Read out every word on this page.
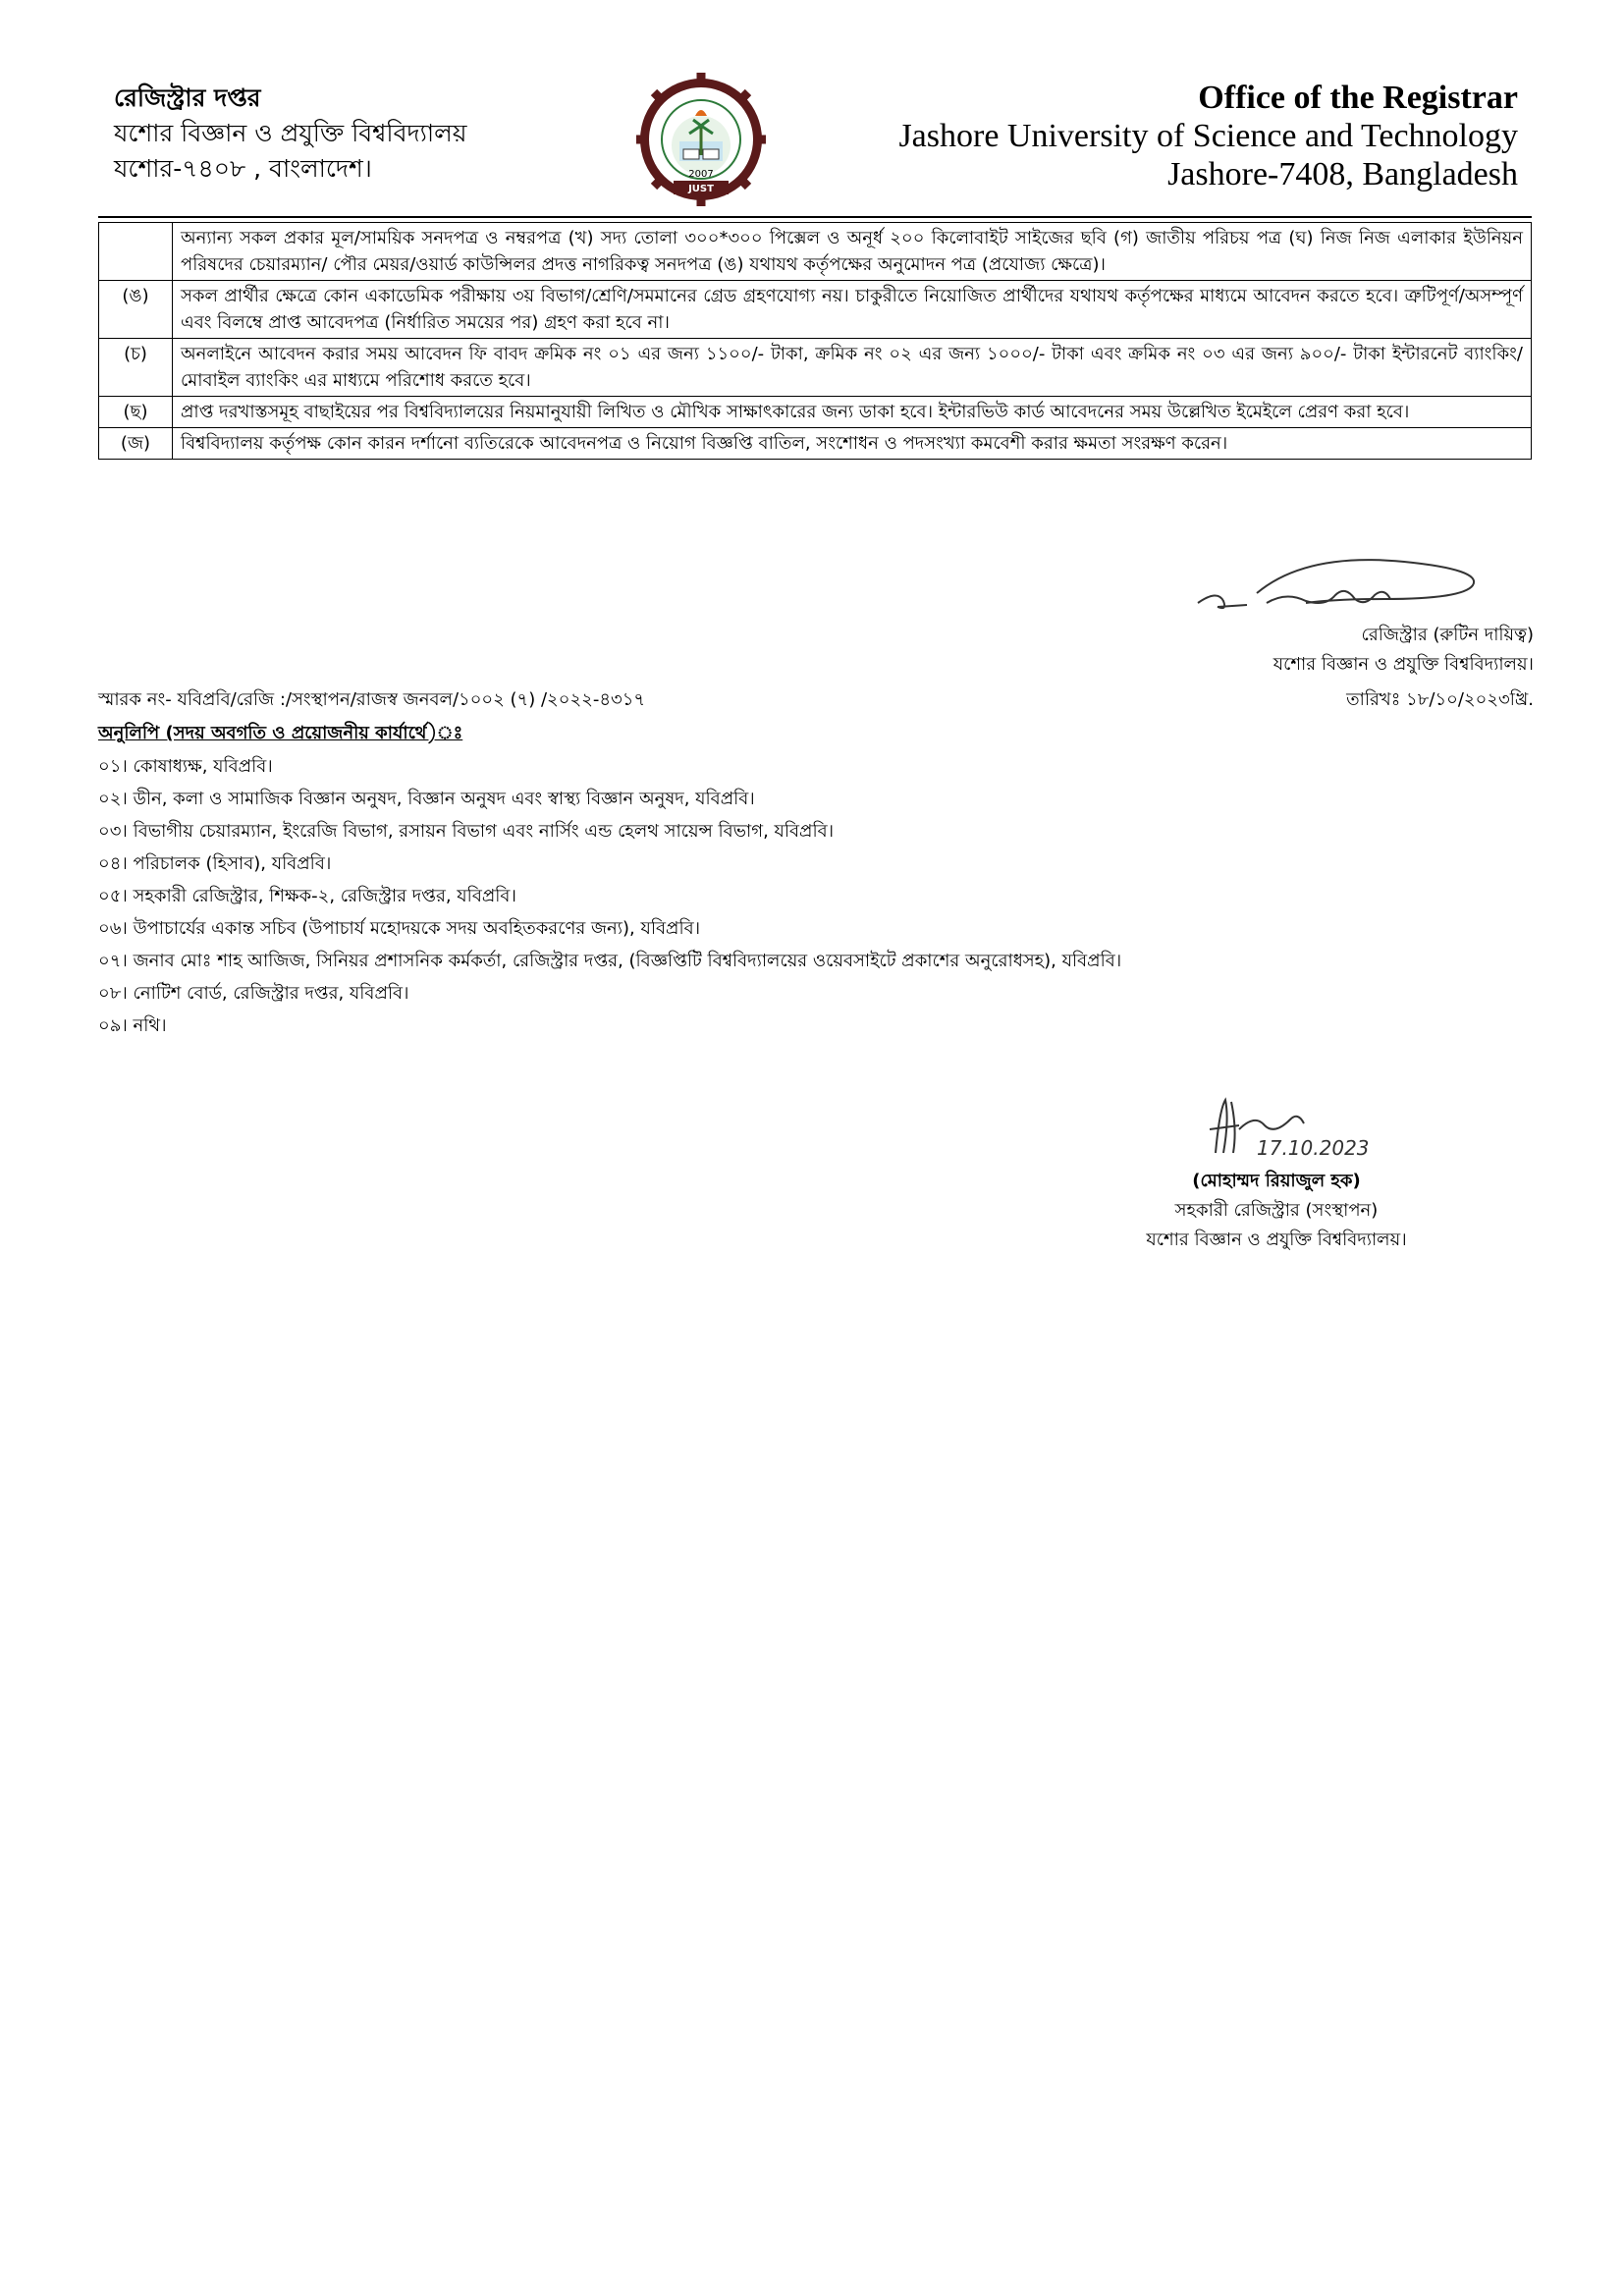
রেজিস্ট্রার দপ্তর
যশোর বিজ্ঞান ও প্রযুক্তি বিশ্ববিদ্যালয়
যশোর-৭৪০৮ , বাংলাদেশ।	2007
JUST
Office of the Registrar
Jashore University of Science and Technology
Jashore-7408, Bangladesh
	অন্যান্য সকল প্রকার মূল/সাময়িক সনদপত্র ও নম্বরপত্র (খ) সদ্য তোলা ৩০০*৩০০ পিক্সেল ও অনূর্ধ ২০০ কিলোবাইট সাইজের ছবি (গ) জাতীয় পরিচয় পত্র (ঘ) নিজ নিজ এলাকার ইউনিয়ন পরিষদের চেয়ারম্যান/ পৌর মেয়র/ওয়ার্ড কাউন্সিলর প্রদত্ত নাগরিকত্ব সনদপত্র (ঙ) যথাযথ কর্তৃপক্ষের অনুমোদন পত্র (প্রযোজ্য ক্ষেত্রে)।
(ঙ)	সকল প্রার্থীর ক্ষেত্রে কোন একাডেমিক পরীক্ষায় ৩য় বিভাগ/শ্রেণি/সমমানের গ্রেড গ্রহণযোগ্য নয়। চাকুরীতে নিয়োজিত প্রার্থীদের যথাযথ কর্তৃপক্ষের মাধ্যমে আবেদন করতে হবে। ত্রুটিপূর্ণ/অসম্পূর্ণ এবং বিলম্বে প্রাপ্ত আবেদপত্র (নির্ধারিত সময়ের পর) গ্রহণ করা হবে না।
(চ)	অনলাইনে আবেদন করার সময় আবেদন ফি বাবদ ক্রমিক নং ০১ এর জন্য ১১০০/- টাকা, ক্রমিক নং ০২ এর জন্য ১০০০/- টাকা এবং ক্রমিক নং ০৩ এর জন্য ৯০০/- টাকা ইন্টারনেট ব্যাংকিং/মোবাইল ব্যাংকিং এর মাধ্যমে পরিশোধ করতে হবে।
(ছ)	প্রাপ্ত দরখাস্তসমূহ বাছাইয়ের পর বিশ্ববিদ্যালয়ের নিয়মানুযায়ী লিখিত ও মৌখিক সাক্ষাৎকারের জন্য ডাকা হবে। ইন্টারভিউ কার্ড আবেদনের সময় উল্লেখিত ইমেইলে প্রেরণ করা হবে।
(জ)	বিশ্ববিদ্যালয় কর্তৃপক্ষ কোন কারন দর্শানো ব্যতিরেকে আবেদনপত্র ও নিয়োগ বিজ্ঞপ্তি বাতিল, সংশোধন ও পদসংখ্যা কমবেশী করার ক্ষমতা সংরক্ষণ করেন।
রেজিস্ট্রার (রুটিন দায়িত্ব)
যশোর বিজ্ঞান ও প্রযুক্তি বিশ্ববিদ্যালয়।
স্মারক নং- যবিপ্রবি/রেজি :/সংস্থাপন/রাজস্ব জনবল/১০০২ (৭) /২০২২-৪৩১৭	তারিখঃ ১৮/১০/২০২৩খ্রি.
অনুলিপি (সদয় অবগতি ও প্রয়োজনীয় কার্যার্থে)ঃ
০১। কোষাধ্যক্ষ, যবিপ্রবি।
০২। ডীন, কলা ও সামাজিক বিজ্ঞান অনুষদ, বিজ্ঞান অনুষদ এবং স্বাস্থ্য বিজ্ঞান অনুষদ, যবিপ্রবি।
০৩। বিভাগীয় চেয়ারম্যান, ইংরেজি বিভাগ, রসায়ন বিভাগ এবং নার্সিং এন্ড হেলথ সায়েন্স বিভাগ, যবিপ্রবি।
০৪। পরিচালক (হিসাব), যবিপ্রবি।
০৫। সহকারী রেজিস্ট্রার, শিক্ষক-২, রেজিস্ট্রার দপ্তর, যবিপ্রবি।
০৬। উপাচার্যের একান্ত সচিব (উপাচার্য মহোদয়কে সদয় অবহিতকরণের জন্য), যবিপ্রবি।
০৭। জনাব মোঃ শাহ আজিজ, সিনিয়র প্রশাসনিক কর্মকর্তা, রেজিস্ট্রার দপ্তর, (বিজ্ঞপ্তিটি বিশ্ববিদ্যালয়ের ওয়েবসাইটে প্রকাশের অনুরোধসহ), যবিপ্রবি।
০৮। নোটিশ বোর্ড, রেজিস্ট্রার দপ্তর, যবিপ্রবি।
০৯। নথি।
17.10.2023
(মোহাম্মদ রিয়াজুল হক)
সহকারী রেজিস্ট্রার (সংস্থাপন)
যশোর বিজ্ঞান ও প্রযুক্তি বিশ্ববিদ্যালয়।
